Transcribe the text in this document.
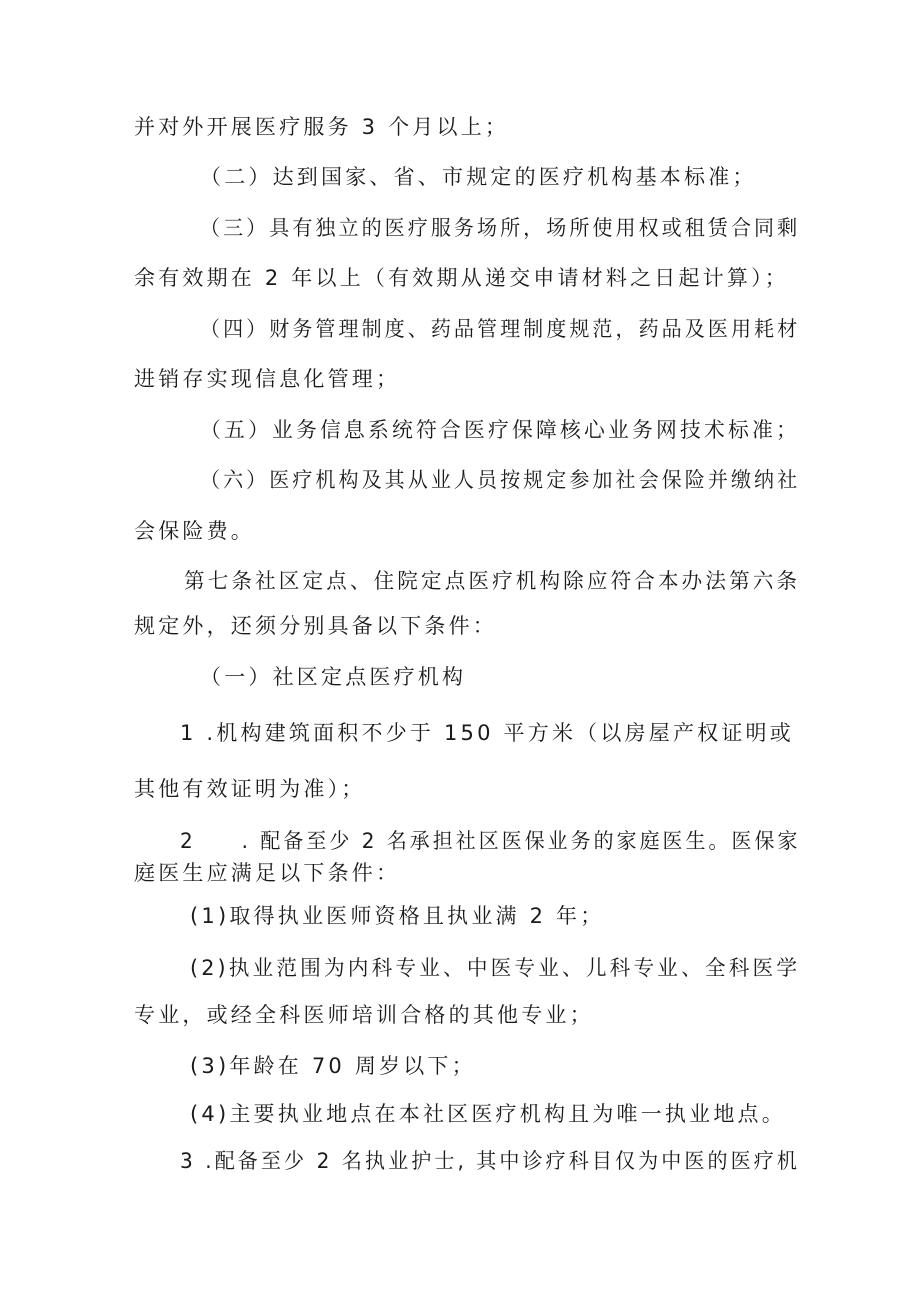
并对外开展医疗服务 3 个月以上；
（二）达到国家、省、市规定的医疗机构基本标准；
（三）具有独立的医疗服务场所，场所使用权或租赁合同剩
余有效期在 2 年以上（有效期从递交申请材料之日起计算）；
（四）财务管理制度、药品管理制度规范，药品及医用耗材
进销存实现信息化管理；
（五）业务信息系统符合医疗保障核心业务网技术标准；
（六）医疗机构及其从业人员按规定参加社会保险并缴纳社
会保险费。
第七条社区定点、住院定点医疗机构除应符合本办法第六条
规定外，还须分别具备以下条件：
（一）社区定点医疗机构
1 .机构建筑面积不少于 150 平方米（以房屋产权证明或
其他有效证明为准）；
2　　. 配备至少 2 名承担社区医保业务的家庭医生。医保家
庭医生应满足以下条件：
(1)取得执业医师资格且执业满 2 年；
(2)执业范围为内科专业、中医专业、儿科专业、全科医学
专业，或经全科医师培训合格的其他专业；
(3)年龄在 70 周岁以下；
(4)主要执业地点在本社区医疗机构且为唯一执业地点。
3 .配备至少 2 名执业护士, 其中诊疗科目仅为中医的医疗机
